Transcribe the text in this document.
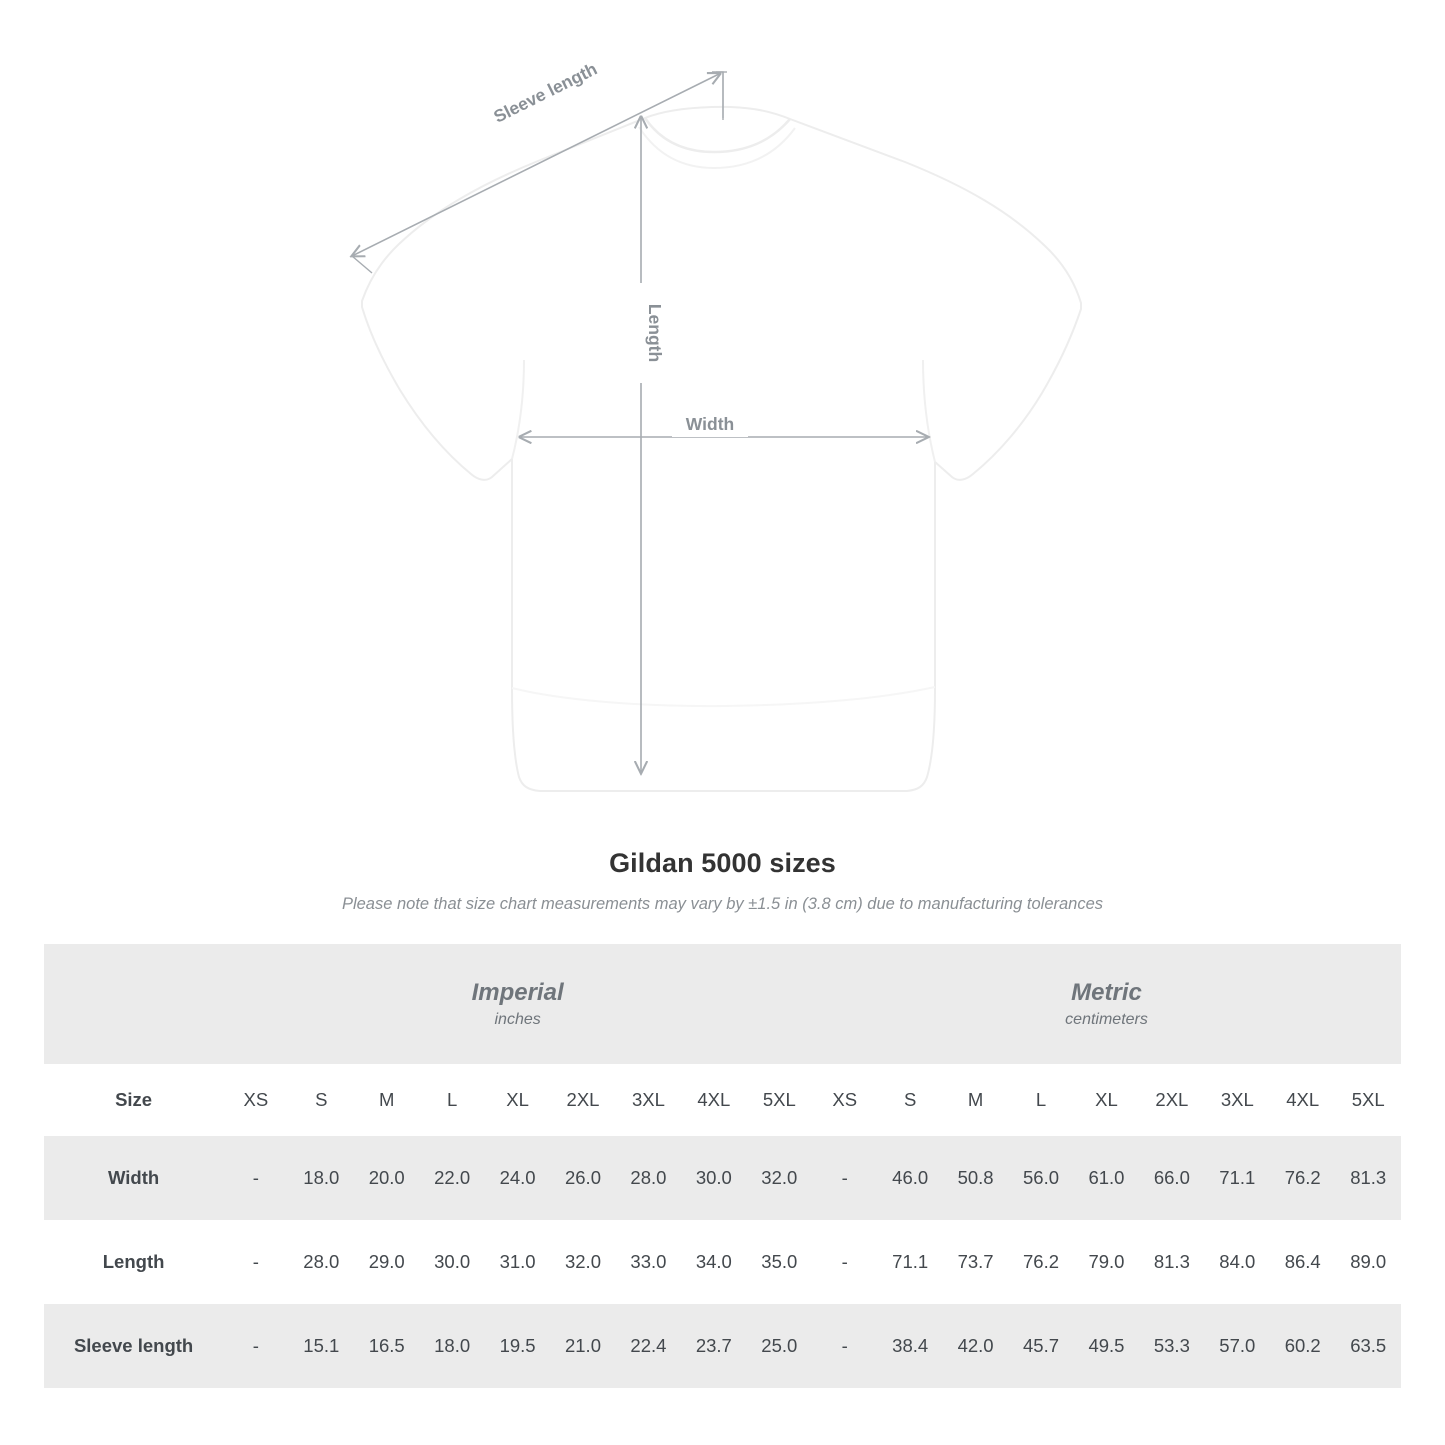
Length
Width
Sleeve length
Gildan 5000 sizes
Please note that size chart measurements may vary by ±1.5 in (3.8 cm) due to manufacturing tolerances

Imperial
inches

Metric
centimeters

Size	XS	S	M	L	XL	2XL	3XL	4XL	5XL	XS	S	M	L	XL	2XL	3XL	4XL	5XL
Width	-	18.0	20.0	22.0	24.0	26.0	28.0	30.0	32.0	-	46.0	50.8	56.0	61.0	66.0	71.1	76.2	81.3
Length	-	28.0	29.0	30.0	31.0	32.0	33.0	34.0	35.0	-	71.1	73.7	76.2	79.0	81.3	84.0	86.4	89.0
Sleeve length	-	15.1	16.5	18.0	19.5	21.0	22.4	23.7	25.0	-	38.4	42.0	45.7	49.5	53.3	57.0	60.2	63.5
